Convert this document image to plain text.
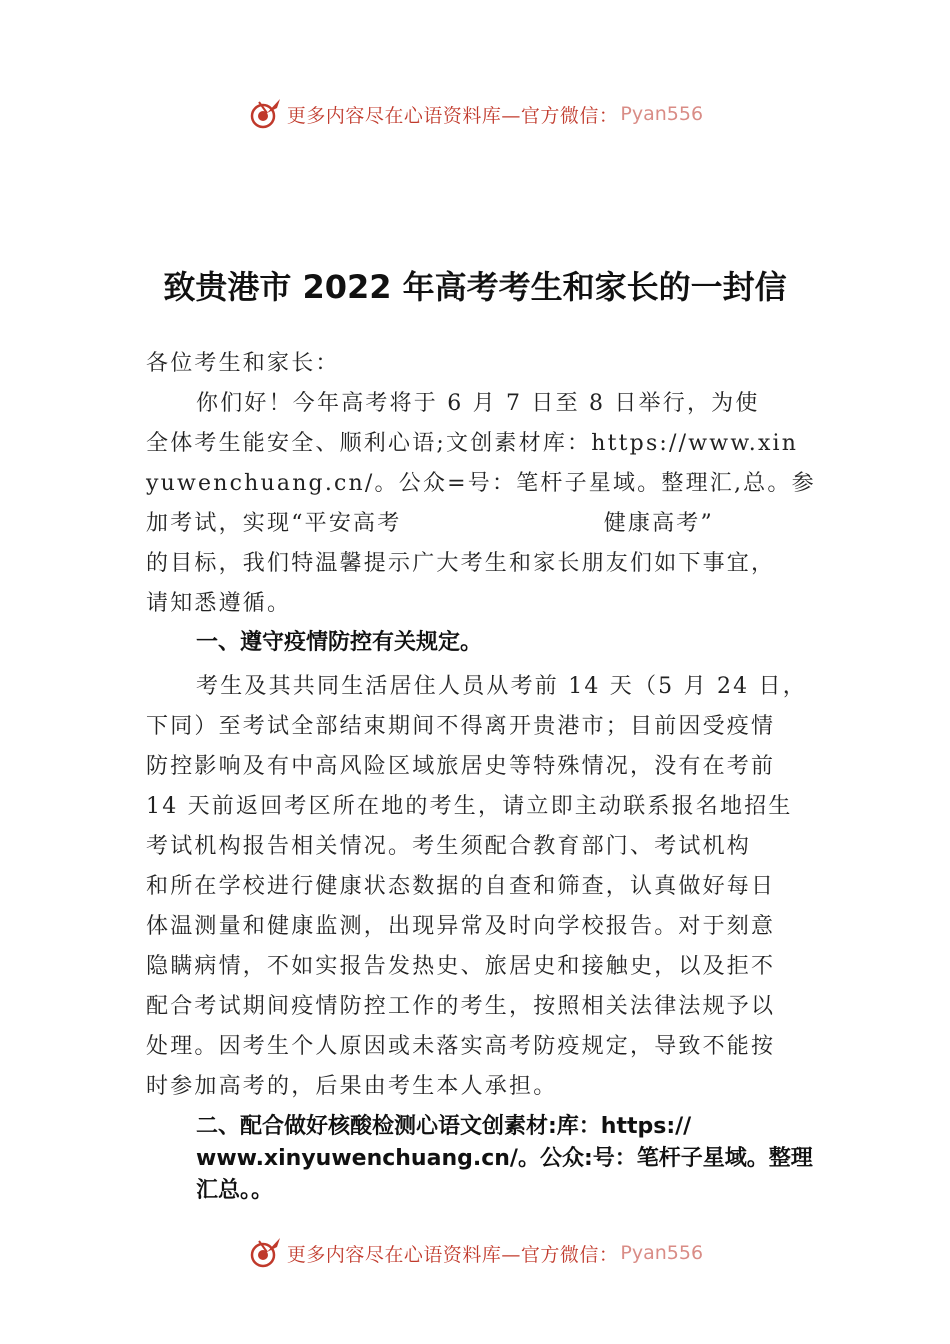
更多内容尽在心语资料库—官方微信： Pyan556
致贵港市 2022 年高考考生和家长的一封信
各位考生和家长：
你们好！今年高考将于 6 月 7 日至 8 日举行，为使
全体考生能安全、顺利心语;文创素材库：https://www.xin
yuwenchuang.cn/。公众=号：笔杆子星域。整理汇,总。参
加考试，实现“平安高考                      健康高考”
的目标，我们特温馨提示广大考生和家长朋友们如下事宜，
请知悉遵循。
一、遵守疫情防控有关规定。
考生及其共同生活居住人员从考前 14 天（5 月 24 日，
下同）至考试全部结束期间不得离开贵港市；目前因受疫情
防控影响及有中高风险区域旅居史等特殊情况，没有在考前
14 天前返回考区所在地的考生，请立即主动联系报名地招生
考试机构报告相关情况。考生须配合教育部门、考试机构
和所在学校进行健康状态数据的自查和筛查，认真做好每日
体温测量和健康监测，出现异常及时向学校报告。对于刻意
隐瞒病情，不如实报告发热史、旅居史和接触史，以及拒不
配合考试期间疫情防控工作的考生，按照相关法律法规予以
处理。因考生个人原因或未落实高考防疫规定，导致不能按
时参加高考的，后果由考生本人承担。
二、配合做好核酸检测心语文创素材:库：https://
www.xinyuwenchuang.cn/。公众:号：笔杆子星域。整理
汇总。。
更多内容尽在心语资料库—官方微信： Pyan556
